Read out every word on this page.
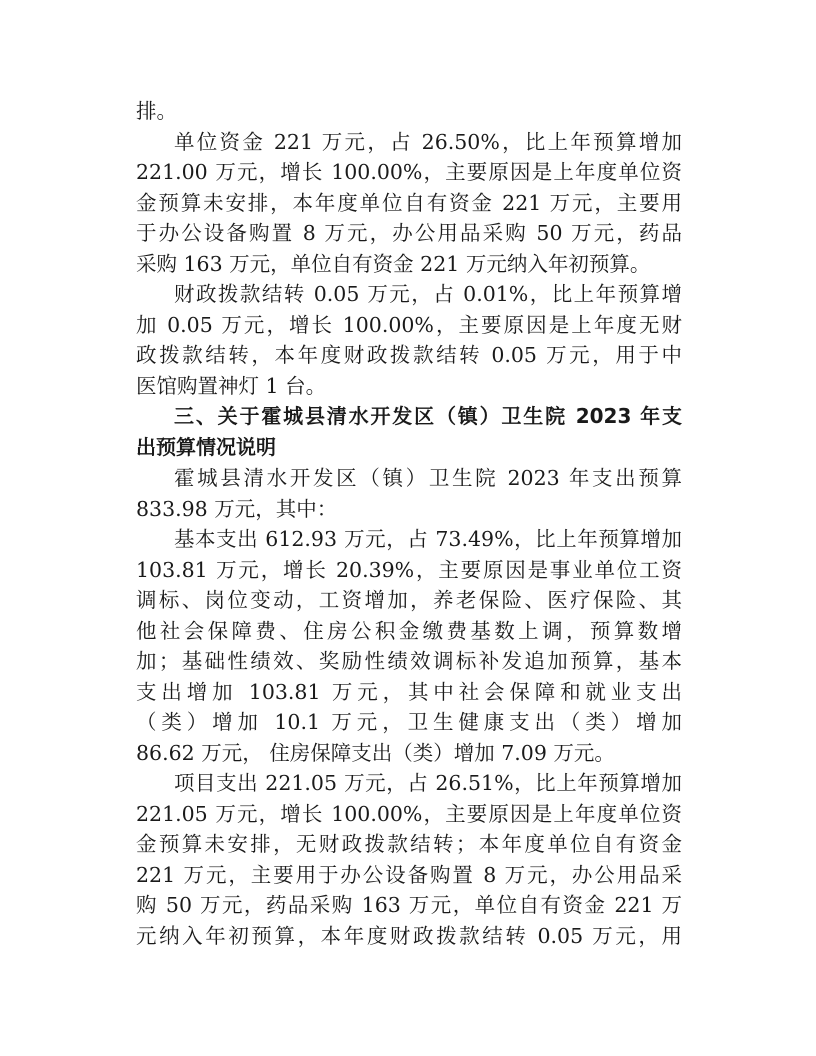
排。
单位资金 221 万元，占 26.50%，比上年预算增加
221.00 万元，增长 100.00%，主要原因是上年度单位资
金预算未安排，本年度单位自有资金 221 万元，主要用
于办公设备购置 8 万元，办公用品采购 50 万元，药品
采购 163 万元，单位自有资金 221 万元纳入年初预算。
财政拨款结转 0.05 万元，占 0.01%，比上年预算增
加 0.05 万元，增长 100.00%，主要原因是上年度无财
政拨款结转，本年度财政拨款结转 0.05 万元，用于中
医馆购置神灯 1 台。
三、关于霍城县清水开发区（镇）卫生院 2023 年支
出预算情况说明
霍城县清水开发区（镇）卫生院 2023 年支出预算
833.98 万元，其中：
基本支出 612.93 万元，占 73.49%，比上年预算增加
103.81 万元，增长 20.39%，主要原因是事业单位工资
调标、岗位变动，工资增加，养老保险、医疗保险、其
他社会保障费、住房公积金缴费基数上调，预算数增
加；基础性绩效、奖励性绩效调标补发追加预算，基本
支出增加 103.81 万元，其中社会保障和就业支出
（类）增加 10.1 万元，卫生健康支出（类）增加
86.62 万元， 住房保障支出（类）增加 7.09 万元。
项目支出 221.05 万元，占 26.51%，比上年预算增加
221.05 万元，增长 100.00%，主要原因是上年度单位资
金预算未安排，无财政拨款结转；本年度单位自有资金
221 万元，主要用于办公设备购置 8 万元，办公用品采
购 50 万元，药品采购 163 万元，单位自有资金 221 万
元纳入年初预算，本年度财政拨款结转 0.05 万元，用
